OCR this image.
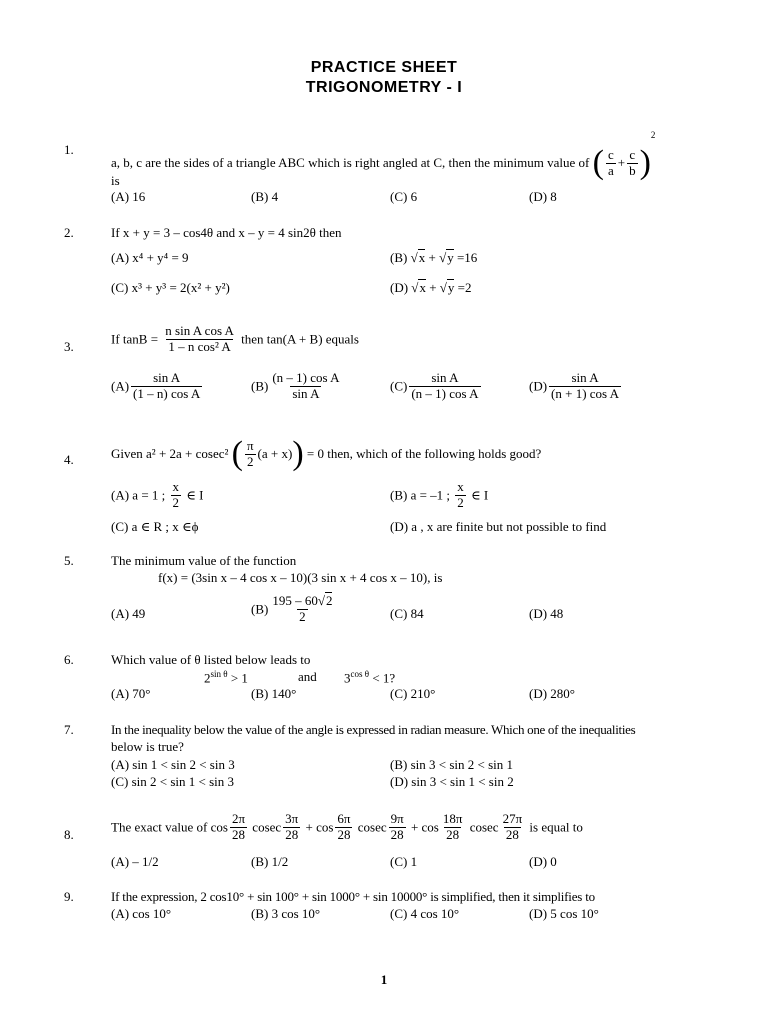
PRACTICE SHEET
TRIGONOMETRY - I
1.
a, b, c are the sides of a triangle ABC which is right angled at C, then the minimum value of ( $\frac{c}{a} + \frac{c}{b} )^2$
is
(A) 16	(B) 4	(C) 6	(D) 8
2.	If x + y = 3 – cos4θ and x – y = 4 sin2θ then
(A) x⁴ + y⁴ = 9	(B) √x + √y =16
(C) x³ + y³ = 2(x² + y²)	(D) √x + √y =2
3.
If $\tan B = \frac{\text{n sin A cos A}}{\text{1 – n cos² A}}$ then tan(A + B) equals
$(A) \frac{\text{sin A}}{\text{(1 – n) cos A}}$	$(B) \frac{\text{(n – 1) cos A}}{\text{sin A}}$	$(C) \frac{\text{sin A}}{\text{(n – 1) cos A}}$	$(D) \frac{\text{sin A}}{\text{(n + 1) cos A}}$
4.	Given a² + 2a + cosec² ( $\frac{\pi}{2} (a + x)) = 0$ then, which of the following holds good?
(A) a = 1 ; $\frac{x}{2}$ ∈ I	(B) a = –1 ; $\frac{x}{2}$ ∈ I
(C) a ∈ R ; x ∈ϕ	(D) a , x are finite but not possible to find
5.	The minimum value of the function
f(x) = (3sin x – 4 cos x – 10)(3 sin x + 4 cos x – 10), is
(A) 49	$(B) \frac{195 - 60√2}{2}$	(C) 84	(D) 48
6.	Which value of θ listed below leads to
$2^{sin \theta} > 1$	and $3^{cos \theta} < 1$?
(A) 70°	(B) 140°	(C) 210°	(D) 280°
7.	In the inequality below the value of the angle is expressed in radian measure. Which one of the inequalities
below is true?
(A) sin 1 < sin 2 < sin 3	(B) sin 3 < sin 2 < sin 1
(C) sin 2 < sin 1 < sin 3	(D) sin 3 < sin 1 < sin 2
8.
The exact value of $\cos \frac{2\pi}{28}$ cosec $\frac{3\pi}{28} + \cos \frac{6\pi}{28}$ cosec $\frac{9\pi}{28} + \cos \frac{18\pi}{28}$ cosec $\frac{27\pi}{28}$ is equal to
(A) – 1/2	(B) 1/2	(C) 1	(D) 0
9.	If the expression, 2 cos10° + sin 100° + sin 1000° + sin 10000° is simplified, then it simplifies to
(A) cos 10°	(B) 3 cos 10°	(C) 4 cos 10°	(D) 5 cos 10°
1
